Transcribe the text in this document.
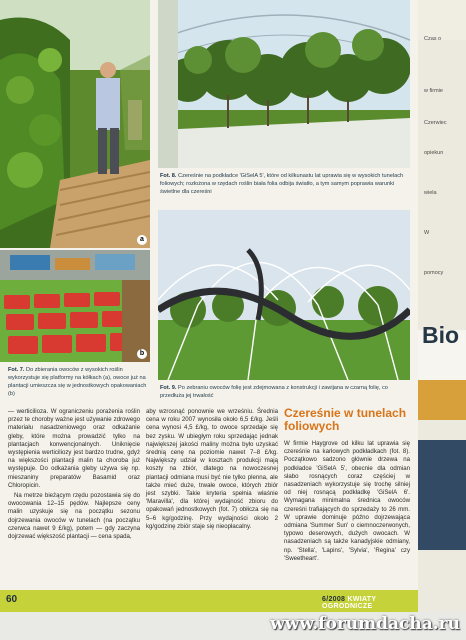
a
b
Fot. 8. Czereśnie na podkładce 'GiSelA 5', które od kilkunastu lat uprawia się w wysokich tunelach foliowych; rozłożona w rzędach roślin biała folia odbija światło, a tym samym poprawia warunki świetlne dla czereśni
Fot. 9. Po zebraniu owoców folię jest zdejmowana z konstrukcji i zawijana w czarną folię, co przedłuża jej trwałość
Fot. 7. Do zbierania owoców z wysokich roślin wykorzystuje się platformy na kółkach (a), owoce już na plantacji umieszcza się w jednostkowych opakowaniach (b)

— werticilioza. W ograniczeniu porażenia roślin przez te choroby ważne jest używanie zdrowego materiału nasadzeniowego oraz odkażanie gleby, które można prowadzić tylko na plantacjach konwencjonalnych. Uniknięcie występienia werticiliozy jest bardzo trudne, gdyż na większości plantacji malin ta choroba już występuje. Do odkażania gleby używa się np. mieszaniny preparatów Basamid oraz Chloropicin.

Na metrze bieżącym rzędu pozostawia się do owocowania 12–15 pędów. Najlepsze ceny malin uzyskuje się na początku sezonu dojrzewania owoców w tunelach (na początku czerwca nawet 9 £/kg), potem — gdy zaczyna dojrzewać większość plantacji — cena spada,

aby wzrosnąć ponownie we wrześniu. Średnia cena w roku 2007 wynosiła około 6,5 £/kg. Jeśli cena wynosi 4,5 £/kg, to owoce sprzedaje się bez zysku. W ubiegłym roku sprzedając jednak największej jakości maliny można było uzyskać średnią cenę na poziomie nawet 7–8 £/kg. Największy udział w kosztach produkcji mają koszty na zbiór, dlatego na nowoczesnej plantacji odmiana musi być nie tylko plenna, ale także mieć duże, trwałe owoce, których zbiór jest szybki. Takie kryteria spełnia właśnie 'Maravilla', dla której wydajność zbioru do opakowań jednostkowych (fot. 7) obłicza się na 5–6 kg/godzinę. Przy wydajności około 2 kg/godzinę zbiór staje się nieopłacalny.

Czereśnie w tunelach foliowych

W firmie Haygrove od kilku lat uprawia się czereśnie na karłowych podkładkach (fot. 8). Początkowo sadzono głównie drzewa na podkładce 'GiSelA 5', obecnie dla odmian słabo rosnących coraz częściej w nasadzeniach wykorzystuje się trochę silniej od niej rosnącą podkładkę 'GiSelA 6'. Wymagana minimalna średnica owoców czereśni trafiających do sprzedaży to 26 mm. W uprawie dominuje późno dojrzewająca odmiana 'Summer Sun' o ciemnoczerwonych, typowo deserowych, dużych owocach. W nasadzeniach są także kanadyjskie odmiany, np. 'Stella', 'Lapins', 'Sylvia', 'Regina' czy 'Sweetheart'.

60	6/2008 KWIATY OGRODNICZE
Bio
Czas o
w firmie
Czerwiec
opiekun
wiela
W
pomocy
www.forumdacha.ru
